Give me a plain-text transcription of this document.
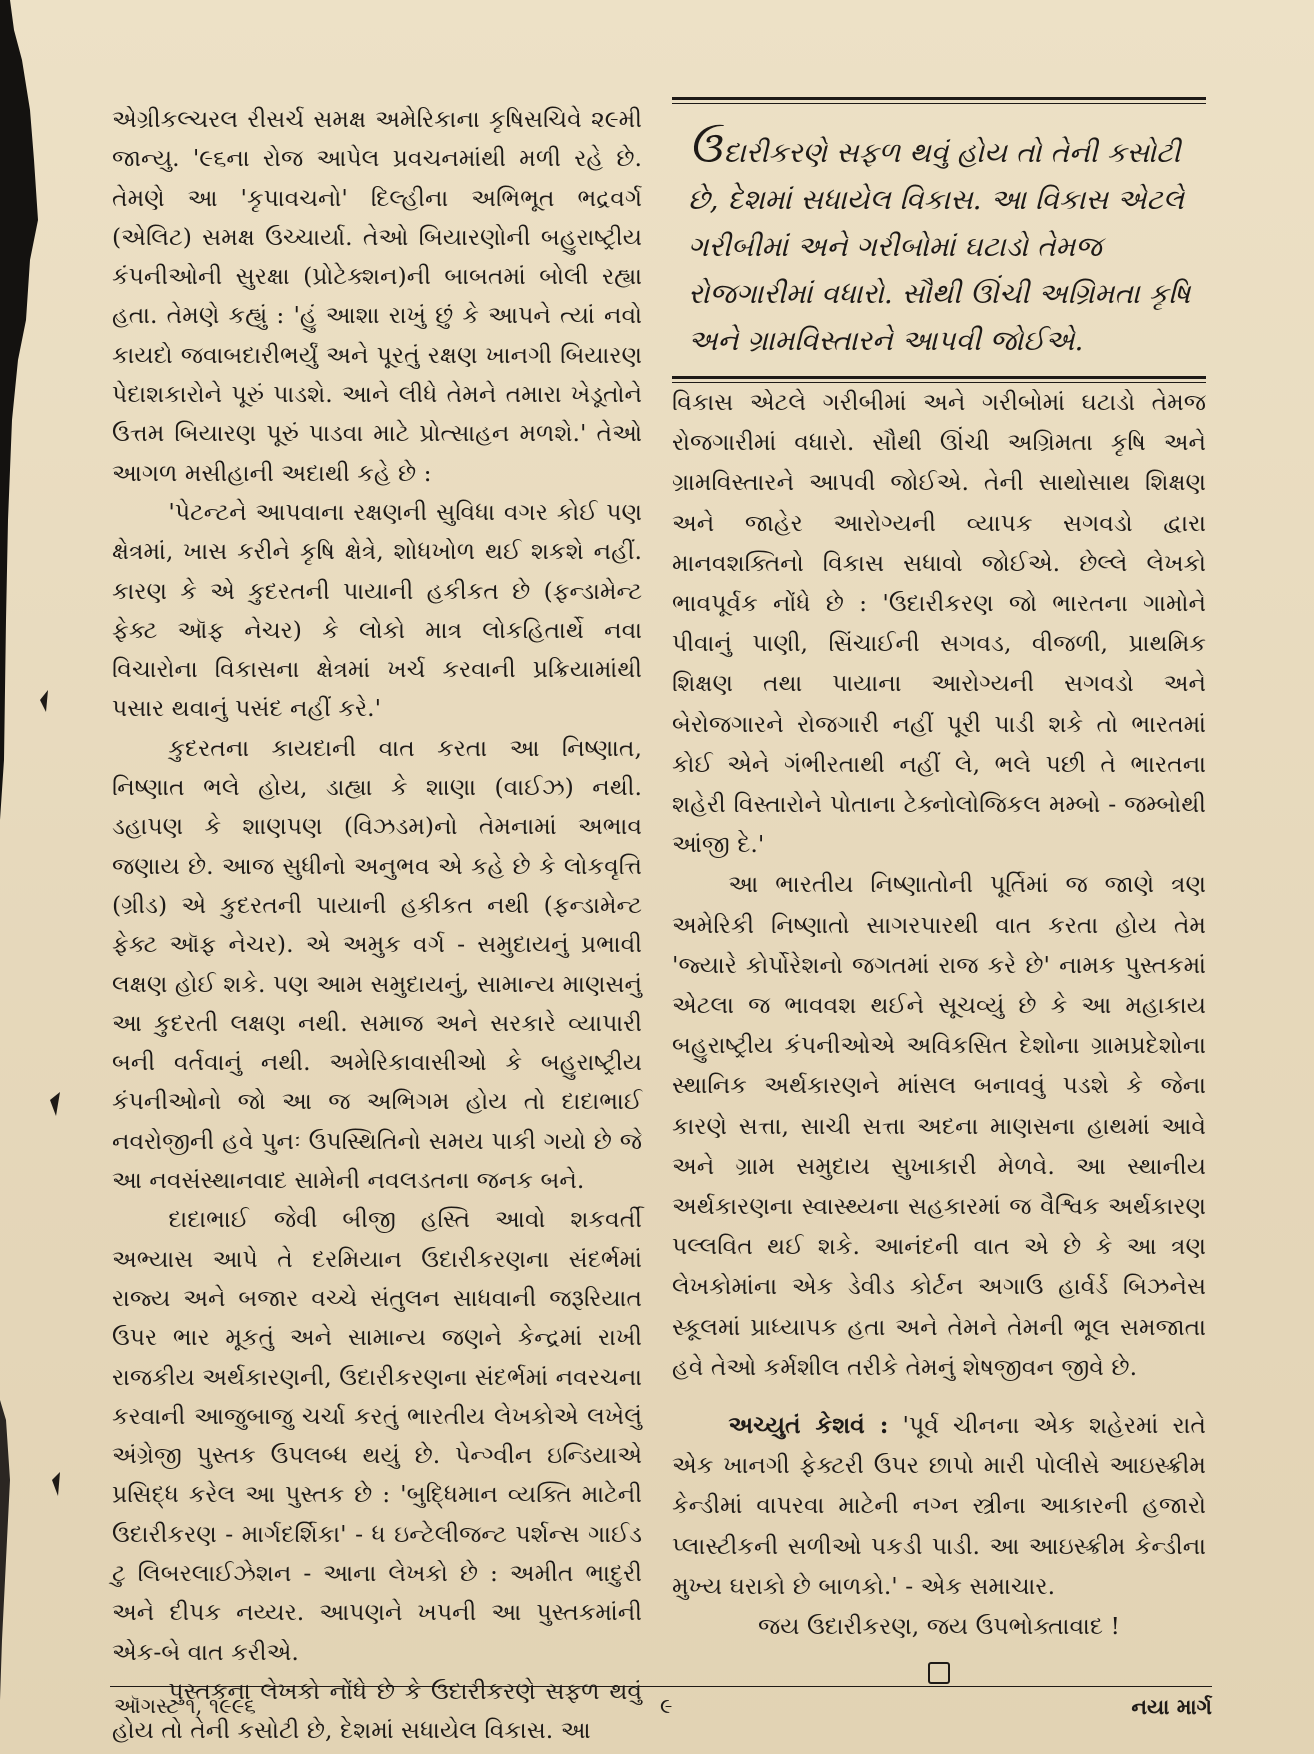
એગ્રીકલ્ચરલ રીસર્ચ સમક્ષ અમેરિકાના કૃષિસચિવે ૨૯મી જાન્યુ. '૯૬ના રોજ આપેલ પ્રવચનમાંથી મળી રહે છે. તેમણે આ 'કૃપાવચનો' દિલ્હીના અભિભૂત ભદ્રવર્ગ (એલિટ) સમક્ષ ઉચ્ચાર્યા. તેઓ બિયારણોની બહુરાષ્ટ્રીય કંપનીઓની સુરક્ષા (પ્રોટેક્શન)ની બાબતમાં બોલી રહ્યા હતા. તેમણે કહ્યું : 'હું આશા રાખું છું કે આપને ત્યાં નવો કાયદો જવાબદારીભર્યું અને પૂરતું રક્ષણ ખાનગી બિયારણ પેદાશકારોને પૂરું પાડશે. આને લીધે તેમને તમારા ખેડૂતોને ઉત્તમ બિયારણ પૂરું પાડવા માટે પ્રોત્સાહન મળશે.' તેઓ આગળ મસીહાની અદાથી કહે છે :

'પેટન્ટને આપવાના રક્ષણની સુવિધા વગર કોઈ પણ ક્ષેત્રમાં, ખાસ કરીને કૃષિ ક્ષેત્રે, શોધખોળ થઈ શકશે નહીં. કારણ કે એ કુદરતની પાયાની હકીકત છે (ફન્ડામેન્ટ ફેક્ટ ઑફ નેચર) કે લોકો માત્ર લોકહિતાર્થે નવા વિચારોના વિકાસના ક્ષેત્રમાં ખર્ચ કરવાની પ્રક્રિયામાંથી પસાર થવાનું પસંદ નહીં કરે.'

કુદરતના કાયદાની વાત કરતા આ નિષ્ણાત, નિષ્ણાત ભલે હોય, ડાહ્યા કે શાણા (વાઈઝ) નથી. ડહાપણ કે શાણપણ (વિઝડમ)નો તેમનામાં અભાવ જણાય છે. આજ સુધીનો અનુભવ એ કહે છે કે લોકવૃત્તિ (ગ્રીડ) એ કુદરતની પાયાની હકીકત નથી (ફન્ડામેન્ટ ફેક્ટ ઑફ નેચર). એ અમુક વર્ગ - સમુદાયનું પ્રભાવી લક્ષણ હોઈ શકે. પણ આમ સમુદાયનું, સામાન્ય માણસનું આ કુદરતી લક્ષણ નથી. સમાજ અને સરકારે વ્યાપારી બની વર્તવાનું નથી. અમેરિકાવાસીઓ કે બહુરાષ્ટ્રીય કંપનીઓનો જો આ જ અભિગમ હોય તો દાદાભાઈ નવરોજીની હવે પુનઃ ઉપસ્થિતિનો સમય પાકી ગયો છે જે આ નવસંસ્થાનવાદ સામેની નવલડતના જનક બને.

દાદાભાઈ જેવી બીજી હસ્તિ આવો શકવર્તી અભ્યાસ આપે તે દરમિયાન ઉદારીકરણના સંદર્ભમાં રાજ્ય અને બજાર વચ્ચે સંતુલન સાધવાની જરૂરિયાત ઉપર ભાર મૂકતું અને સામાન્ય જણને કેન્દ્રમાં રાખી રાજકીય અર્થકારણની, ઉદારીકરણના સંદર્ભમાં નવરચના કરવાની આજુબાજુ ચર્ચા કરતું ભારતીય લેખકોએ લખેલું અંગ્રેજી પુસ્તક ઉપલબ્ધ થયું છે. પેન્ગ્વીન ઇન્ડિયાએ પ્રસિદ્ધ કરેલ આ પુસ્તક છે : 'બુદ્ધિમાન વ્યક્તિ માટેની ઉદારીકરણ - માર્ગદર્શિકા' - ધ ઇન્ટેલીજન્ટ પર્શન્સ ગાઈડ ટુ લિબરલાઈઝેશન - આના લેખકો છે : અમીત ભાદુરી અને દીપક નય્યર. આપણને ખપની આ પુસ્તકમાંની એક-બે વાત કરીએ.

પુસ્તકના લેખકો નોંધે છે કે ઉદારીકરણે સફળ થવું હોય તો તેની કસોટી છે, દેશમાં સધાયેલ વિકાસ. આ

ઉદારીકરણે સફળ થવું હોય તો તેની કસોટી છે, દેશમાં સધાયેલ વિકાસ. આ વિકાસ એટલે ગરીબીમાં અને ગરીબોમાં ઘટાડો તેમજ રોજગારીમાં વધારો. સૌથી ઊંચી અગ્રિમતા કૃષિ અને ગ્રામવિસ્તારને આપવી જોઈએ.

વિકાસ એટલે ગરીબીમાં અને ગરીબોમાં ઘટાડો તેમજ રોજગારીમાં વધારો. સૌથી ઊંચી અગ્રિમતા કૃષિ અને ગ્રામવિસ્તારને આપવી જોઈએ. તેની સાથોસાથ શિક્ષણ અને જાહેર આરોગ્યની વ્યાપક સગવડો દ્વારા માનવશક્તિનો વિકાસ સધાવો જોઈએ. છેલ્લે લેખકો ભાવપૂર્વક નોંધે છે : 'ઉદારીકરણ જો ભારતના ગામોને પીવાનું પાણી, સિંચાઈની સગવડ, વીજળી, પ્રાથમિક શિક્ષણ તથા પાયાના આરોગ્યની સગવડો અને બેરોજગારને રોજગારી નહીં પૂરી પાડી શકે તો ભારતમાં કોઈ એને ગંભીરતાથી નહીં લે, ભલે પછી તે ભારતના શહેરી વિસ્તારોને પોતાના ટેક્નોલોજિકલ મમ્બો - જમ્બોથી આંજી દે.'

આ ભારતીય નિષ્ણાતોની પૂર્તિમાં જ જાણે ત્રણ અમેરિકી નિષ્ણાતો સાગરપારથી વાત કરતા હોય તેમ 'જ્યારે કોર્પોરેશનો જગતમાં રાજ કરે છે' નામક પુસ્તકમાં એટલા જ ભાવવશ થઈને સૂચવ્યું છે કે આ મહાકાય બહુરાષ્ટ્રીય કંપનીઓએ અવિકસિત દેશોના ગ્રામપ્રદેશોના સ્થાનિક અર્થકારણને માંસલ બનાવવું પડશે કે જેના કારણે સત્તા, સાચી સત્તા અદના માણસના હાથમાં આવે અને ગ્રામ સમુદાય સુખાકારી મેળવે. આ સ્થાનીય અર્થકારણના સ્વાસ્થ્યના સહકારમાં જ વૈશ્વિક અર્થકારણ પલ્લવિત થઈ શકે. આનંદની વાત એ છે કે આ ત્રણ લેખકોમાંના એક ડેવીડ કોર્ટન અગાઉ હાર્વર્ડ બિઝનેસ સ્કૂલમાં પ્રાધ્યાપક હતા અને તેમને તેમની ભૂલ સમજાતા હવે તેઓ કર્મશીલ તરીકે તેમનું શેષજીવન જીવે છે.

અચ્યુતં કેશવં : 'પૂર્વ ચીનના એક શહેરમાં રાતે એક ખાનગી ફેક્ટરી ઉપર છાપો મારી પોલીસે આઇસ્ક્રીમ કેન્ડીમાં વાપરવા માટેની નગ્ન સ્ત્રીના આકારની હજારો પ્લાસ્ટીકની સળીઓ પકડી પાડી. આ આઇસ્ક્રીમ કેન્ડીના મુખ્ય ઘરાકો છે બાળકો.' - એક સમાચાર.

જય ઉદારીકરણ, જય ઉપભોક્તાવાદ !

ઑગસ્ટ ૧, ૧૯૯૬	૯	નયા માર્ગ
